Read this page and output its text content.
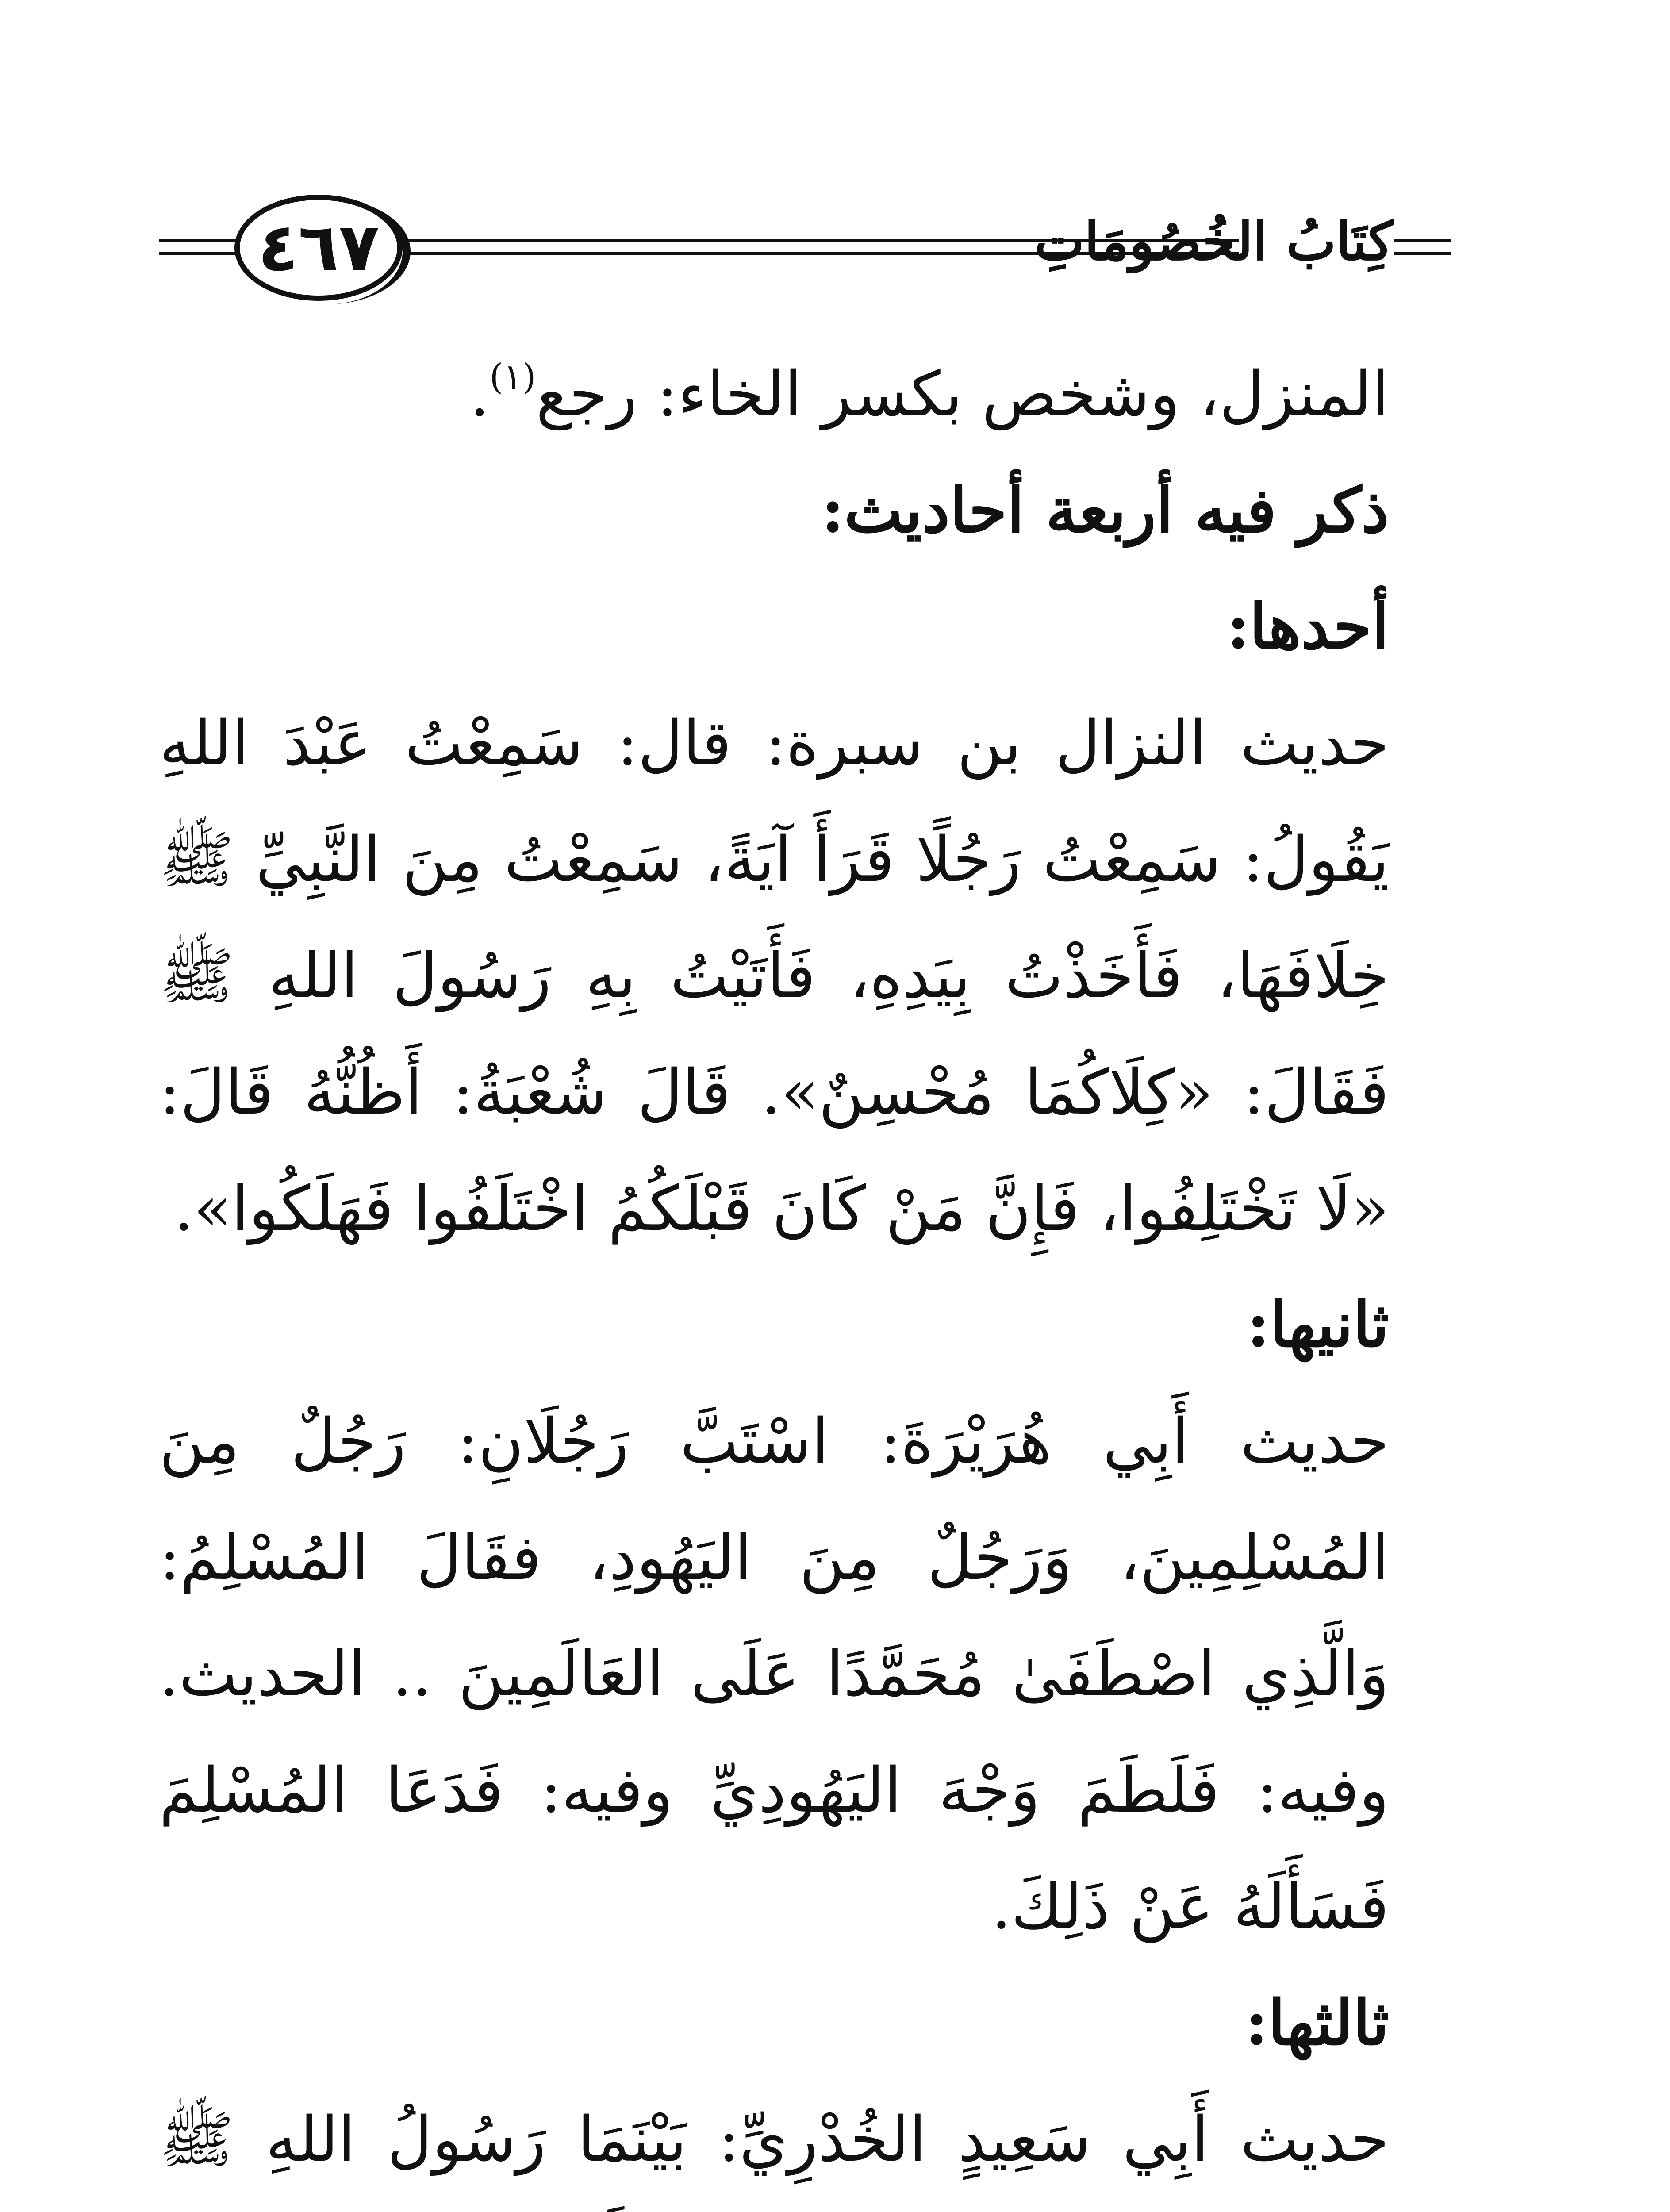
٤٦٧	كِتَابُ الخُصُومَاتِ

المنزل، وشخص بكسر الخاء: رجع$^{(١)}$.

ذكر فيه أربعة أحاديث:

أحدها:

حديث النزال بن سبرة: قال: سَمِعْتُ عَبْدَ اللهِ يَقُولُ: سَمِعْتُ رَجُلًا قَرَأَ آيَةً، سَمِعْتُ مِنَ النَّبِيِّ ﷺ خِلَافَهَا، فَأَخَذْتُ بِيَدِهِ، فَأَتَيْتُ بِهِ رَسُولَ اللهِ ﷺ فَقَالَ: «كِلَاكُمَا مُحْسِنٌ». قَالَ شُعْبَةُ: أَظُنُّهُ قَالَ: «لَا تَخْتَلِفُوا، فَإِنَّ مَنْ كَانَ قَبْلَكُمُ اخْتَلَفُوا فَهَلَكُوا».

ثانيها:

حديث أَبِي هُرَيْرَةَ: اسْتَبَّ رَجُلَانِ: رَجُلٌ مِنَ المُسْلِمِينَ، وَرَجُلٌ مِنَ اليَهُودِ، فقَالَ المُسْلِمُ: وَالَّذِي اصْطَفَىٰ مُحَمَّدًا عَلَى العَالَمِينَ .. الحديث. وفيه: فَلَطَمَ وَجْهَ اليَهُودِيِّ وفيه: فَدَعَا المُسْلِمَ فَسَأَلَهُ عَنْ ذَلِكَ.

ثالثها:

حديث أَبِي سَعِيدٍ الخُدْرِيِّ: بَيْنَمَا رَسُولُ اللهِ ﷺ
